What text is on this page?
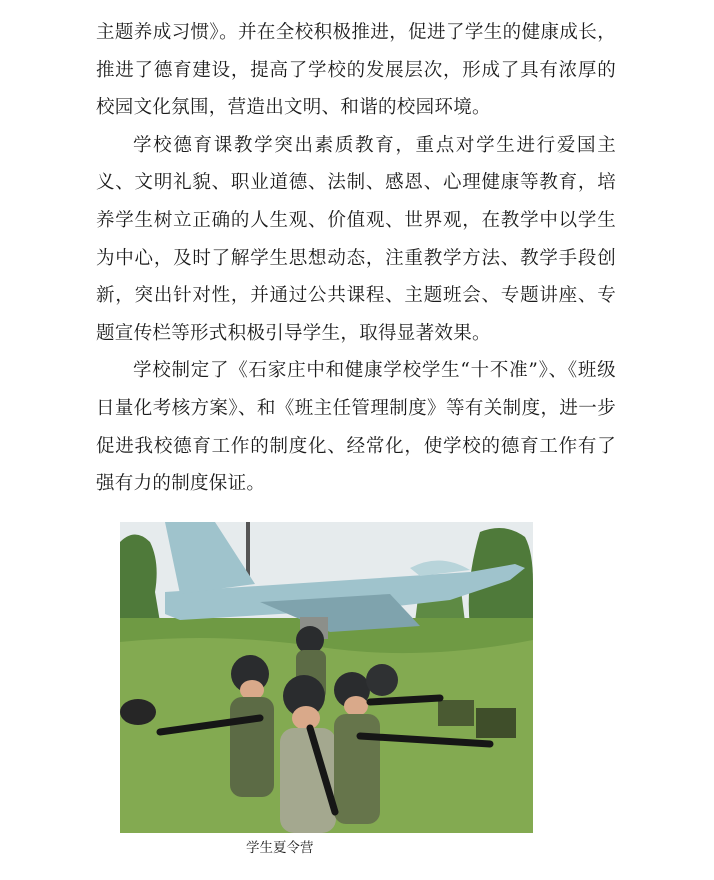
主题养成习惯》。并在全校积极推进，促进了学生的健康成长，推进了德育建设，提高了学校的发展层次，形成了具有浓厚的校园文化氛围，营造出文明、和谐的校园环境。

学校德育课教学突出素质教育，重点对学生进行爱国主义、文明礼貌、职业道德、法制、感恩、心理健康等教育，培养学生树立正确的人生观、价值观、世界观，在教学中以学生为中心，及时了解学生思想动态，注重教学方法、教学手段创新，突出针对性，并通过公共课程、主题班会、专题讲座、专题宣传栏等形式积极引导学生，取得显著效果。

学校制定了《石家庄中和健康学校学生“十不准”》、《班级日量化考核方案》、和《班主任管理制度》等有关制度，进一步促进我校德育工作的制度化、经常化，使学校的德育工作有了强有力的制度保证。

学生夏令营
